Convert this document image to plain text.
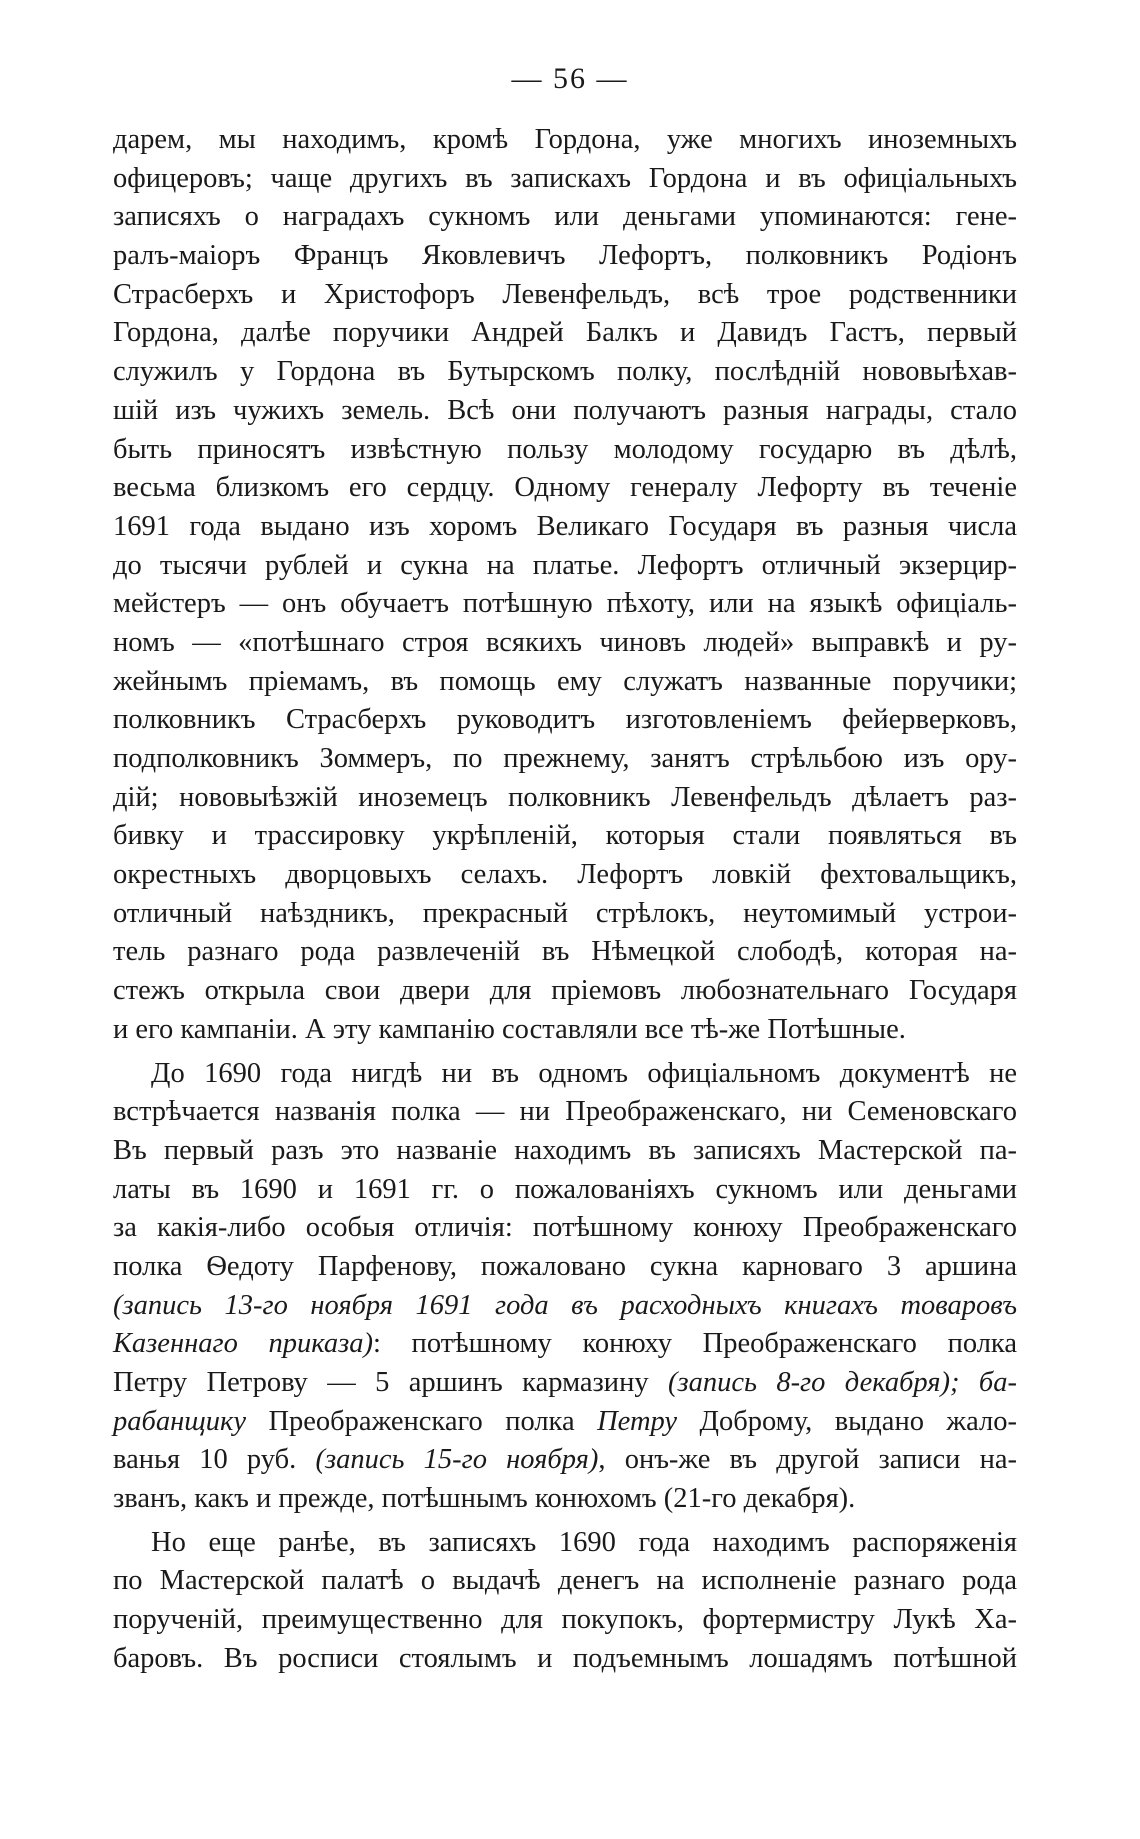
— 56 —
дарем, мы находимъ, кромѣ Гордона, уже многихъ иноземныхъ
офицеровъ; чаще другихъ въ запискахъ Гордона и въ офиціальныхъ
записяхъ о наградахъ сукномъ или деньгами упоминаются: гене-
ралъ-маіоръ Францъ Яковлевичъ Лефортъ, полковникъ Родіонъ
Страсберхъ и Христофоръ Левенфельдъ, всѣ трое родственники
Гордона, далѣе поручики Андрей Балкъ и Давидъ Гастъ, первый
служилъ у Гордона въ Бутырскомъ полку, послѣдній нововыѣхав-
шій изъ чужихъ земель. Всѣ они получаютъ разныя награды, стало
быть приносятъ извѣстную пользу молодому государю въ дѣлѣ,
весьма близкомъ его сердцу. Одному генералу Лефорту въ теченіе
1691 года выдано изъ хоромъ Великаго Государя въ разныя числа
до тысячи рублей и сукна на платье. Лефортъ отличный экзерцир-
мейстеръ — онъ обучаетъ потѣшную пѣхоту, или на языкѣ офиціаль-
номъ — «потѣшнаго строя всякихъ чиновъ людей» выправкѣ и ру-
жейнымъ пріемамъ, въ помощь ему служатъ названные поручики;
полковникъ Страсберхъ руководитъ изготовленіемъ фейерверковъ,
подполковникъ Зоммеръ, по прежнему, занятъ стрѣльбою изъ ору-
дій; нововыѣзжій иноземецъ полковникъ Левенфельдъ дѣлаетъ раз-
бивку и трассировку укрѣпленій, которыя стали появляться въ
окрестныхъ дворцовыхъ селахъ. Лефортъ ловкій фехтовальщикъ,
отличный наѣздникъ, прекрасный стрѣлокъ, неутомимый устрои-
тель разнаго рода развлеченій въ Нѣмецкой слободѣ, которая на-
стежъ открыла свои двери для пріемовъ любознательнаго Государя
и его кампаніи. А эту кампанію составляли все тѣ-же Потѣшные.
До 1690 года нигдѣ ни въ одномъ офиціальномъ документѣ не
встрѣчается названія полка — ни Преображенскаго, ни Семеновскаго
Въ первый разъ это названіе находимъ въ записяхъ Мастерской па-
латы въ 1690 и 1691 гг. о пожалованіяхъ сукномъ или деньгами
за какія-либо особыя отличія: потѣшному конюху Преображенскаго
полка Ѳедоту Парфенову, пожаловано сукна карноваго 3 аршина
(запись 13-го ноября 1691 года въ расходныхъ книгахъ товаровъ
Казеннаго приказа): потѣшному конюху Преображенскаго полка
Петру Петрову — 5 аршинъ кармазину (запись 8-го декабря); ба-
рабанщику Преображенскаго полка Петру Доброму, выдано жало-
ванья 10 руб. (запись 15-го ноября), онъ-же въ другой записи на-
званъ, какъ и прежде, потѣшнымъ конюхомъ (21-го декабря).
Но еще ранѣе, въ записяхъ 1690 года находимъ распоряженія
по Мастерской палатѣ о выдачѣ денегъ на исполненіе разнаго рода
порученій, преимущественно для покупокъ, фортермистру Лукѣ Ха-
баровъ. Въ росписи стоялымъ и подъемнымъ лошадямъ потѣшной
